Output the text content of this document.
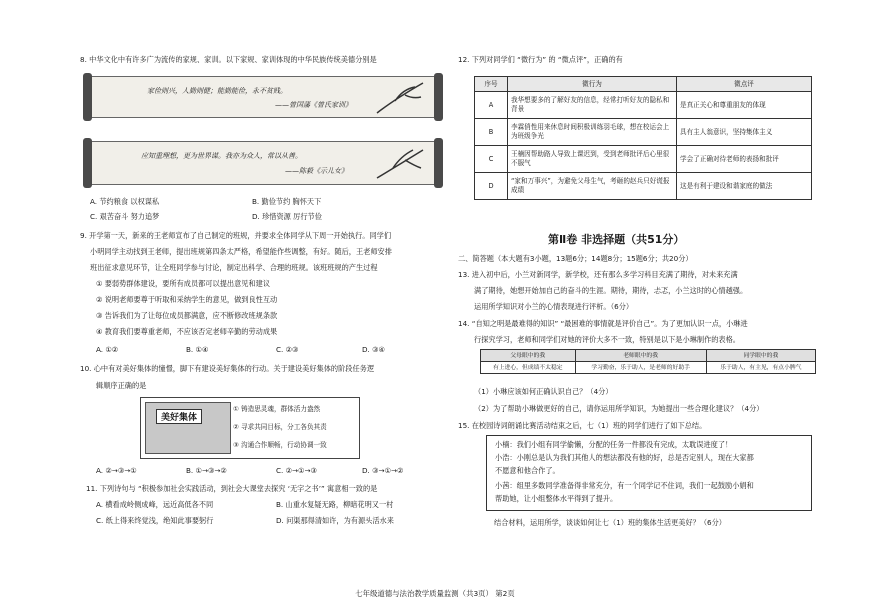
8. 中华文化中有许多广为流传的家规、家训。以下家规、家训体现的中华民族传统美德分别是
家俭则兴，人勤则健；能勤能俭，永不贫贱。
——曾国藩《曾氏家训》
应知重理想，更为世界谋。我亦为众人，常以从善。
——陈毅《示儿女》
A. 节约粮食 以权谋私	B. 勤俭节约 胸怀天下
C. 艰苦奋斗 努力追梦	D. 珍惜资源 厉行节俭
9. 开学第一天，新来的王老师宣布了自己制定的班规，并要求全体同学从下周一开始执行。同学们
小明同学主动找到王老师，提出班规第四条太严格，希望能作些调整，有好。随后，王老师安排
班出征求意见环节，让全班同学参与讨论，制定出科学、合理的班规。该班班规的产生过程
① 要弱势群体建设，要所有成员都可以提出意见和建议
② 说明老师要尊于听取和采纳学生的意见，做到良性互动
③ 告诉我们为了让每位成员都满意，应不断修改班规条款
④ 教育我们要尊重老师，不应该否定老师辛勤的劳动成果
A. ①②	B. ①④	C. ②③	D. ③④
10. 心中有对美好集体的憧憬，脚下有建设美好集体的行动。关于建设美好集体的阶段任务逻
辑顺序正确的是
美好集体
① 铸造思灵魂，群体活力盎然
② 寻求共同目标，分工各负其责
③ 沟通合作顺畅，行动协调一致
A. ②→③→①	B. ①→③→②	C. ②→①→③	D. ③→①→②
11. 下列诗句与 “积极参加社会实践活动，到社会大课堂去探究 ‘无字之书’” 寓意相一致的是
A. 横看成岭侧成峰，远近高低各不同	B. 山重水复疑无路，柳暗花明又一村
C. 纸上得来终觉浅，绝知此事要躬行	D. 问渠那得清如许，为有源头活水来
12. 下列对同学们 “微行为” 的 “微点评”，正确的有
序号	微行为	微点评
A	我华想要多的了解好友的信息，经常打听好友的隐私和背景	是真正关心和尊重朋友的体现
B	李霖俏性用来休息时间积极训练羽毛球，想在校运会上为班级争光	具有主人翁意识，坚持集体主义
C	王楠因帮助路人导致上课迟到，受到老师批评后心里很不服气	学会了正确对待老师的表扬和批评
D	“家和万事兴”，为避免父母生气，考砸的赵兵只好谎报成绩	这是有利于建设和谐家庭的做法
第Ⅱ卷 非选择题（共51分）
二、简答题（本大题有3小题，13题6分；14题8分；15题6分；共20分）
13. 进入初中后，小兰对新同学，新学校，还有那么多学习科目充满了期待，对未来充满
满了期待，她想开始加自己的奋斗的生涯。期待，期待，忐忑，小兰这时的心情越强。
运用所学知识对小兰的心情表现进行评析。（6分）
14. “自知之明是最难得的知识” “最困难的事情就是评价自己”。为了更加认识一点，小琳进
行探究学习，老师和同学们对她的评价大多不一致，特别是以下是小琳制作的表格。
父母眼中的我	老师眼中的我	同学眼中的我
有上进心，但成绩不太稳定	学习勤奋，乐于助人，是老师的好助手	乐于助人，有主见，有点小脾气
（1）小琳应该如何正确认识自己？（4分）
（2）为了帮助小琳做更好的自己，请你运用所学知识，为她提出一些合理化建议？（4分）
15. 在校园诗词朗诵比赛活动结束之后，七（1）班的同学们进行了如下总结。
小楠：我们小组有同学偷懒，分配的任务一件都没有完成，太耽误进度了！
小浩：小刚总是认为我们其他人的想法都没有他的好，总是否定别人，现在大家都
不愿意和他合作了。
小茜：组里多数同学准备得非常充分，有一个同学记不住词，我们一起鼓励小娟和
帮助她，让小组整体水平得到了提升。
结合材料，运用所学，谈谈如何让七（1）班的集体生活更美好？（6分）
七年级道德与法治教学质量监测（共3页） 第2页
